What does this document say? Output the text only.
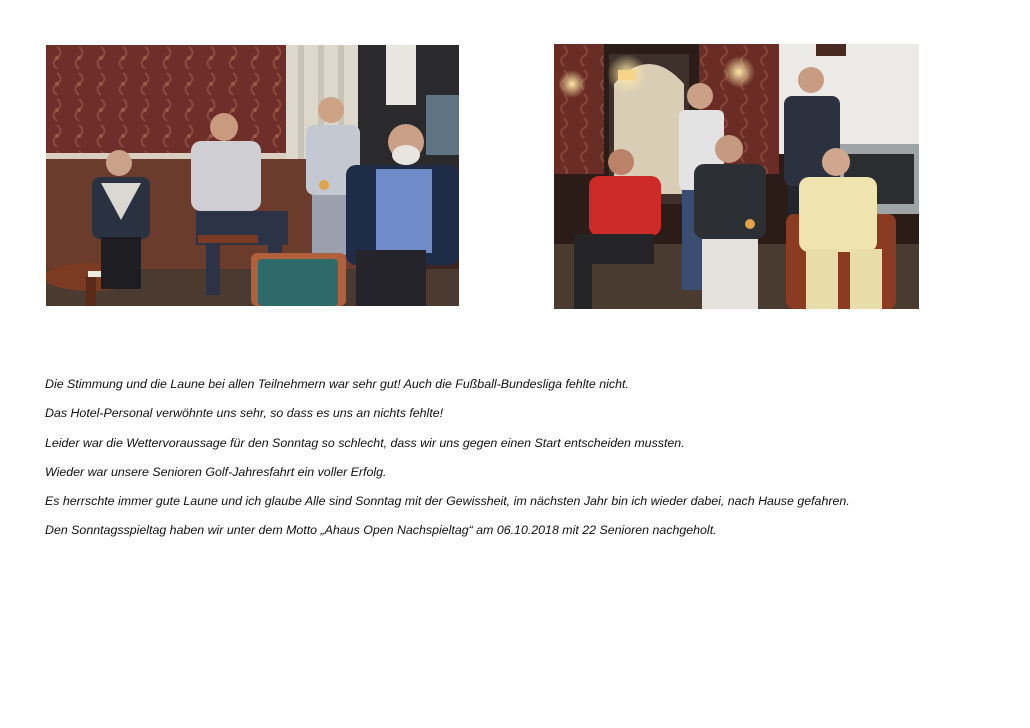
Die Stimmung und die Laune bei allen Teilnehmern war sehr gut! Auch die Fußball-Bundesliga fehlte nicht.

Das Hotel-Personal verwöhnte uns sehr, so dass es uns an nichts fehlte!

Leider war die Wettervoraussage für den Sonntag so schlecht, dass wir uns gegen einen Start entscheiden mussten.

Wieder war unsere Senioren Golf-Jahresfahrt ein voller Erfolg.

Es herrschte immer gute Laune und ich glaube Alle sind Sonntag mit der Gewissheit, im nächsten Jahr bin ich wieder dabei, nach Hause gefahren.

Den Sonntagsspieltag haben wir unter dem Motto „Ahaus Open Nachspieltag“ am 06.10.2018 mit 22 Senioren nachgeholt.
